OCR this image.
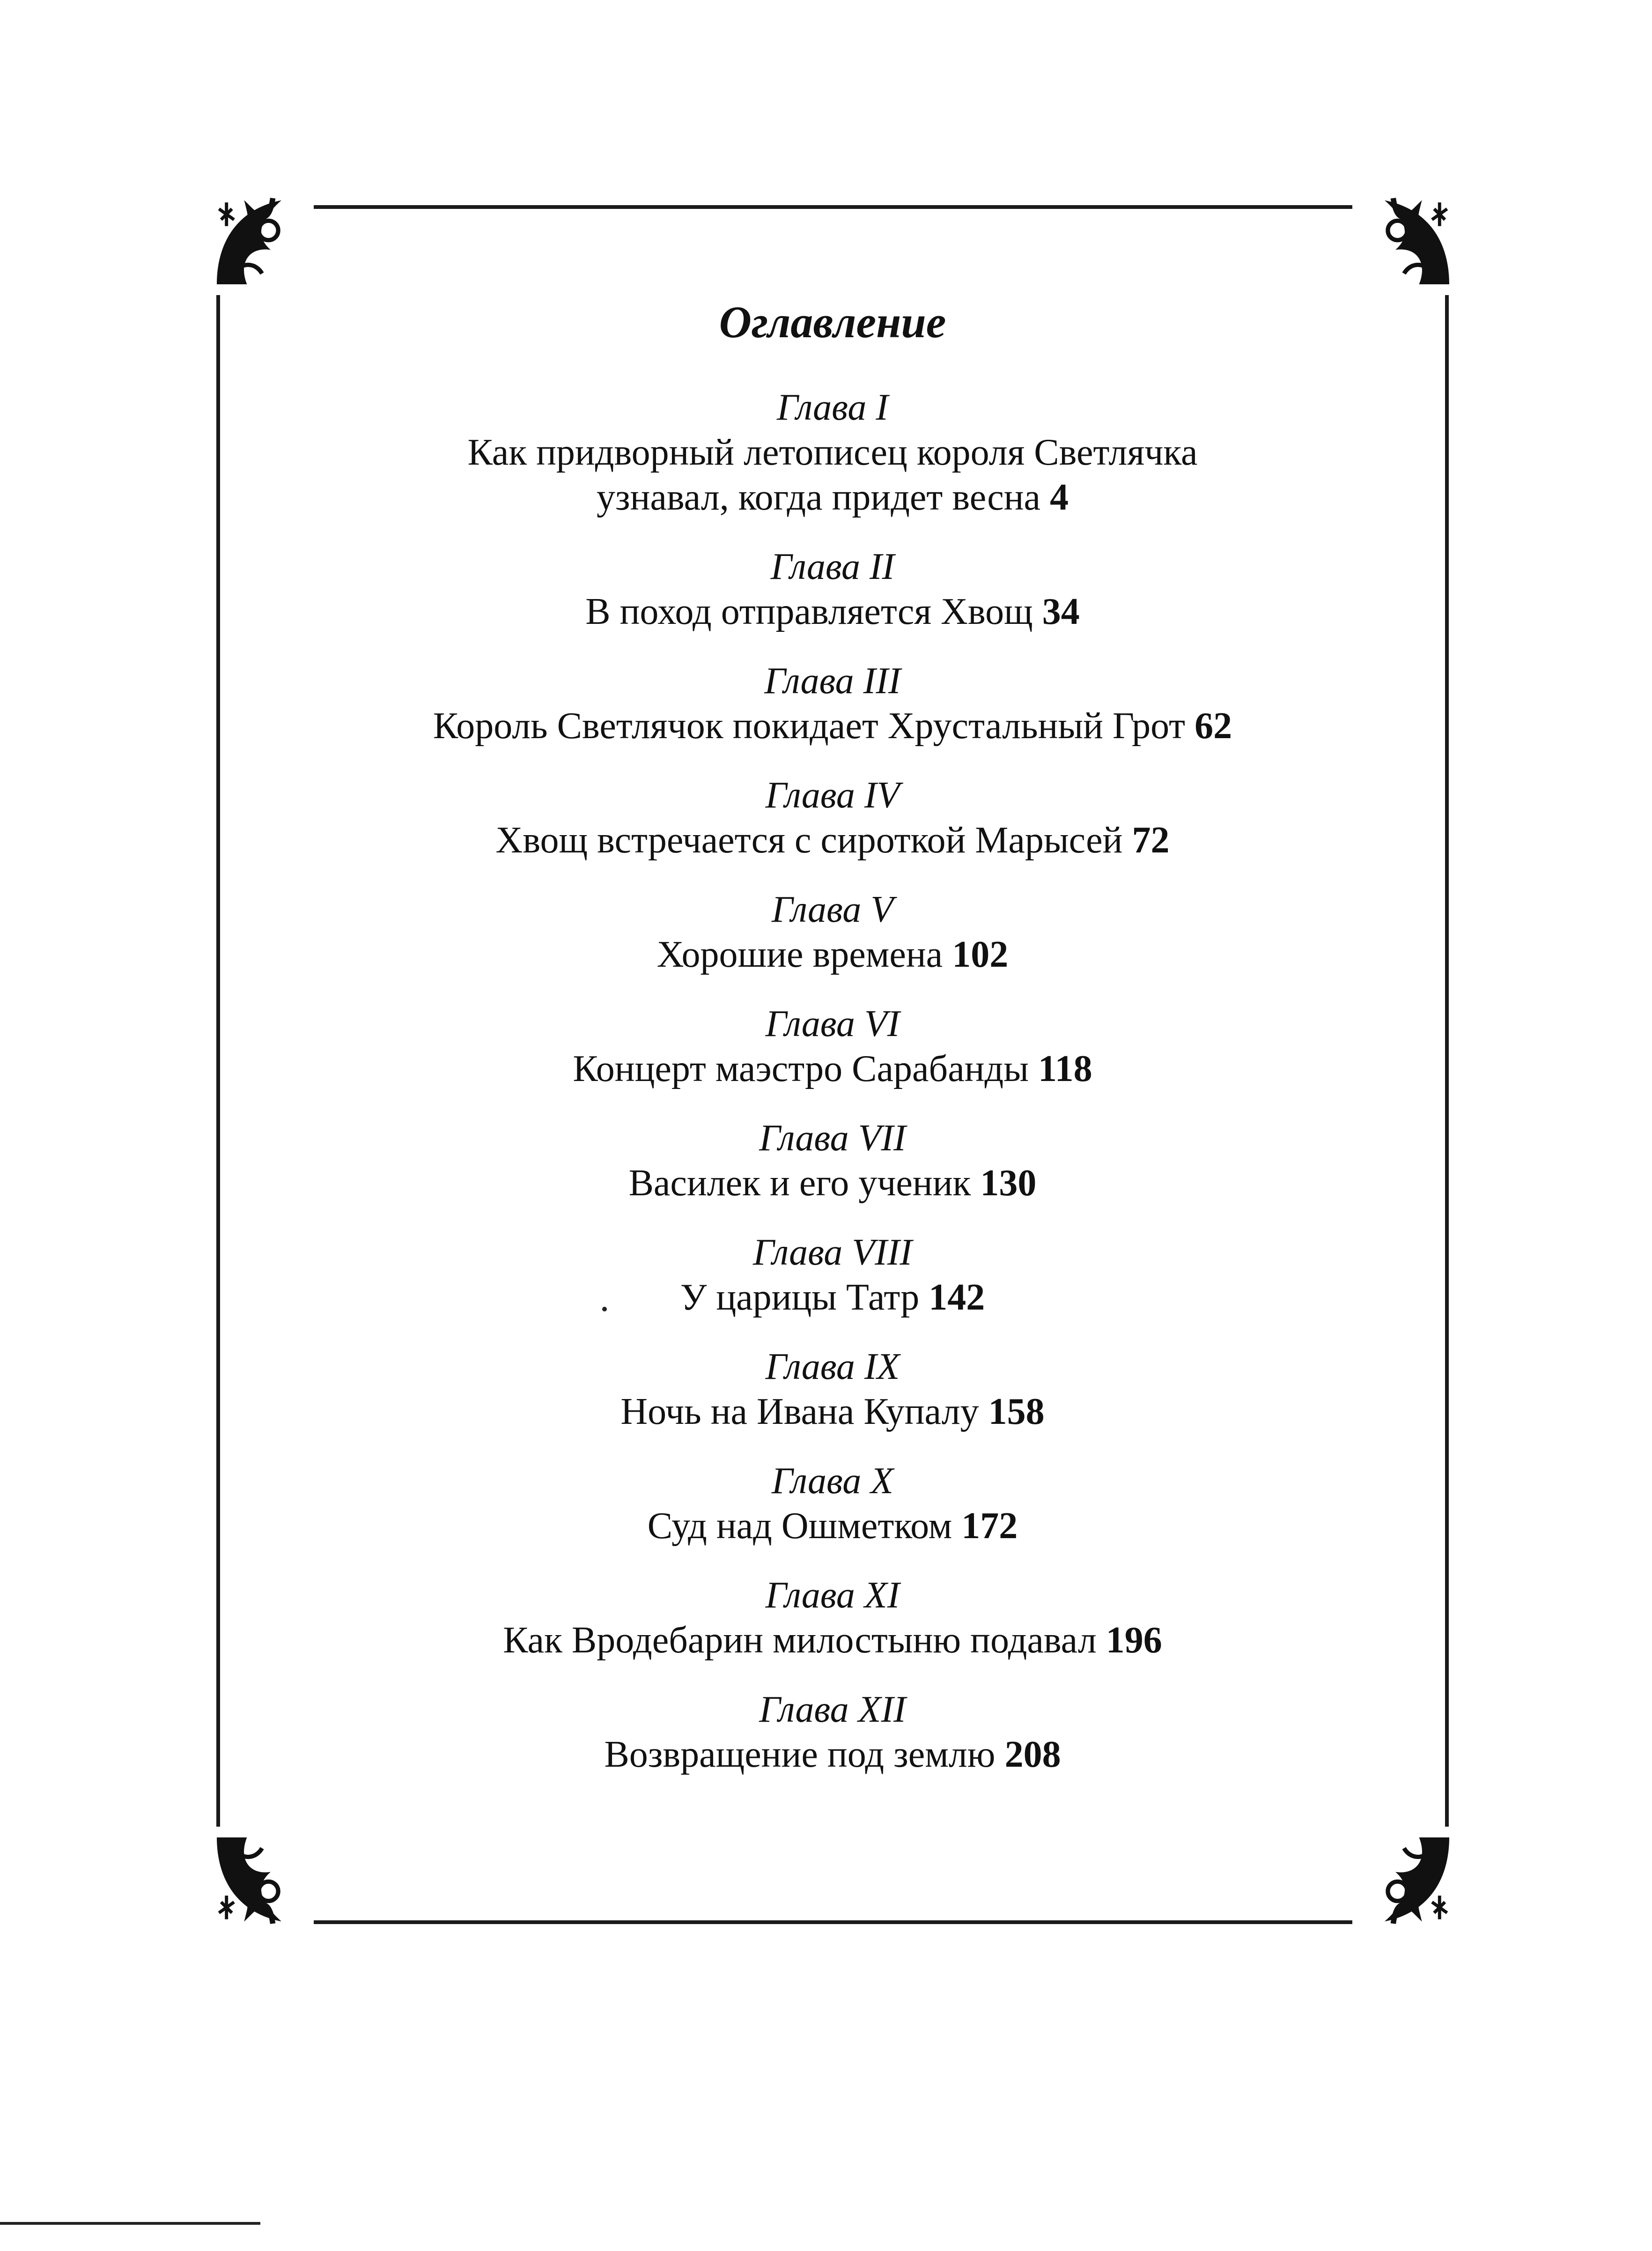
Оглавление
Глава I
Как придворный летописец короля Светлячка
узнавал, когда придет весна 4
Глава II
В поход отправляется Хвощ 34
Глава III
Король Светлячок покидает Хрустальный Грот 62
Глава IV
Хвощ встречается с сироткой Марысей 72
Глава V
Хорошие времена 102
Глава VI
Концерт маэстро Сарабанды 118
Глава VII
Василек и его ученик 130
Глава VIII
У царицы Татр 142
Глава IX
Ночь на Ивана Купалу 158
Глава X
Суд над Ошметком 172
Глава XI
Как Вродебарин милостыню подавал 196
Глава XII
Возвращение под землю 208
